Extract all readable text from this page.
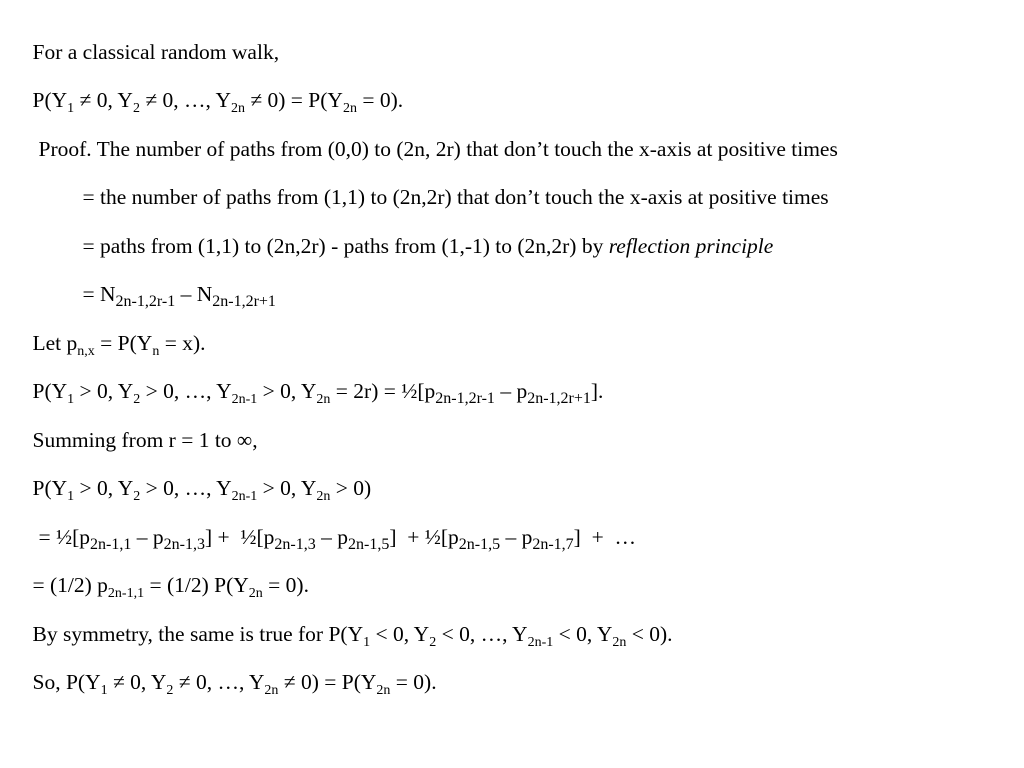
For a classical random walk,

$P(Y_1 \ne 0$, $Y_2 \ne 0$, …, $Y_{2n} \ne 0) = P(Y_{2n} = 0)$.

Proof. The number of paths from (0,0) to (2n, 2r) that don’t touch the x-axis at positive times

= the number of paths from (1,1) to (2n,2r) that don’t touch the x-axis at positive times

= paths from (1,1) to (2n,2r) - paths from (1,-1) to (2n,2r) by reflection principle

= $N_{2n-1,2r-1} - N_{2n-1,2r+1}$

Let $p_{n,x} = P(Y_n = x)$.

$P(Y_1 > 0$, $Y_2 > 0$, …, $Y_{2n-1} > 0$, $Y_{2n} = 2r$) = $\frac{1}{2}[p_{2n-1,2r-1} - p_{2n-1,2r+1}]$.

Summing from r = 1 to ∞,

$P(Y_1 > 0$, $Y_2 > 0$, …, $Y_{2n-1} > 0$, $Y_{2n} > 0$)

= $\frac{1}{2}[p_{2n-1,1} - p_{2n-1,3}]$ +  $\frac{1}{2}[p_{2n-1,3} - p_{2n-1,5}]$  + $\frac{1}{2}[p_{2n-1,5} - p_{2n-1,7}]$  +  …

= (1/2) $p_{2n-1,1} = (1/2) P(Y_{2n} = 0)$.

By symmetry, the same is true for $P(Y_1 < 0$, $Y_2 < 0$, …, $Y_{2n-1} < 0$, $Y_{2n} < 0$).

So, $P(Y_1 \ne 0$, $Y_2 \ne 0$, …, $Y_{2n} \ne 0) = P(Y_{2n} = 0)$.
